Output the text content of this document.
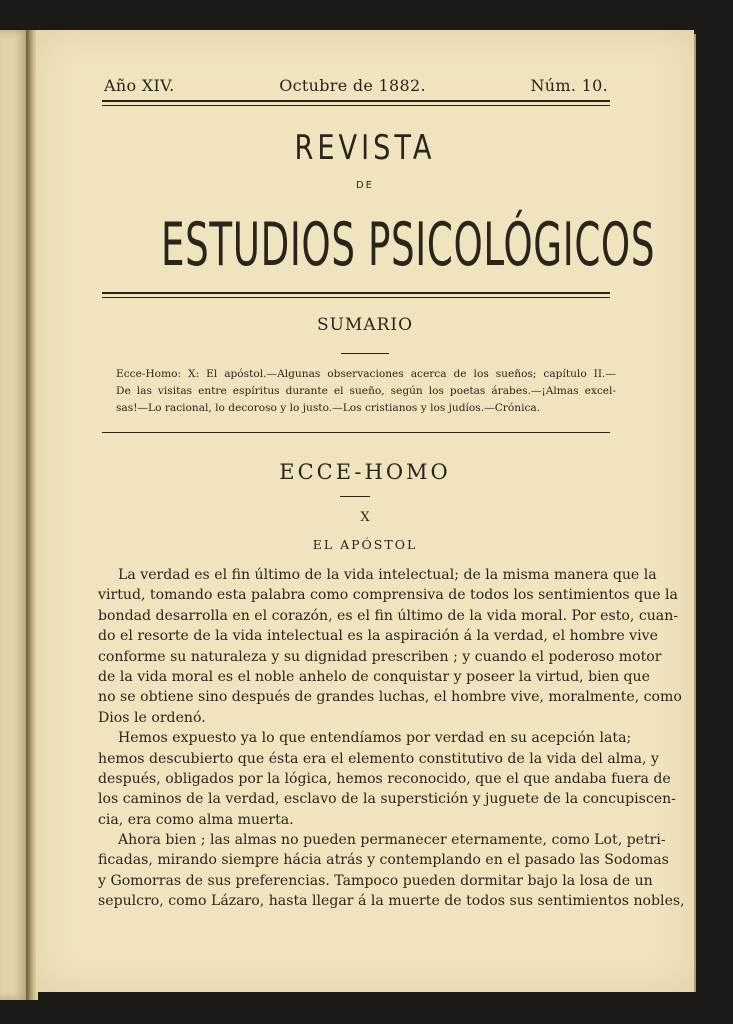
Año XIV.	Octubre de 1882.	Núm. 10.
REVISTA
DE
ESTUDIOS PSICOLÓGICOS
SUMARIO
Ecce-Homo: X: El apóstol.—Algunas observaciones acerca de los sueños; capítulo II.—
De las visitas entre espíritus durante el sueño, según los poetas árabes.—¡Almas excel-
sas!—Lo racional, lo decoroso y lo justo.—Los cristianos y los judíos.—Crónica.
ECCE-HOMO
X
EL APÓSTOL
La verdad es el fin último de la vida intelectual; de la misma manera que la
virtud, tomando esta palabra como comprensiva de todos los sentimientos que la
bondad desarrolla en el corazón, es el fin último de la vida moral. Por esto, cuan-
do el resorte de la vida intelectual es la aspiración á la verdad, el hombre vive
conforme su naturaleza y su dignidad prescriben ; y cuando el poderoso motor
de la vida moral es el noble anhelo de conquistar y poseer la virtud, bien que
no se obtiene sino después de grandes luchas, el hombre vive, moralmente, como
Dios le ordenó.
Hemos expuesto ya lo que entendíamos por verdad en su acepción lata;
hemos descubierto que ésta era el elemento constitutivo de la vida del alma, y
después, obligados por la lógica, hemos reconocido, que el que andaba fuera de
los caminos de la verdad, esclavo de la superstición y juguete de la concupiscen-
cia, era como alma muerta.
Ahora bien ; las almas no pueden permanecer eternamente, como Lot, petri-
ficadas, mirando siempre hácia atrás y contemplando en el pasado las Sodomas
y Gomorras de sus preferencias. Tampoco pueden dormitar bajo la losa de un
sepulcro, como Lázaro, hasta llegar á la muerte de todos sus sentimientos nobles,
